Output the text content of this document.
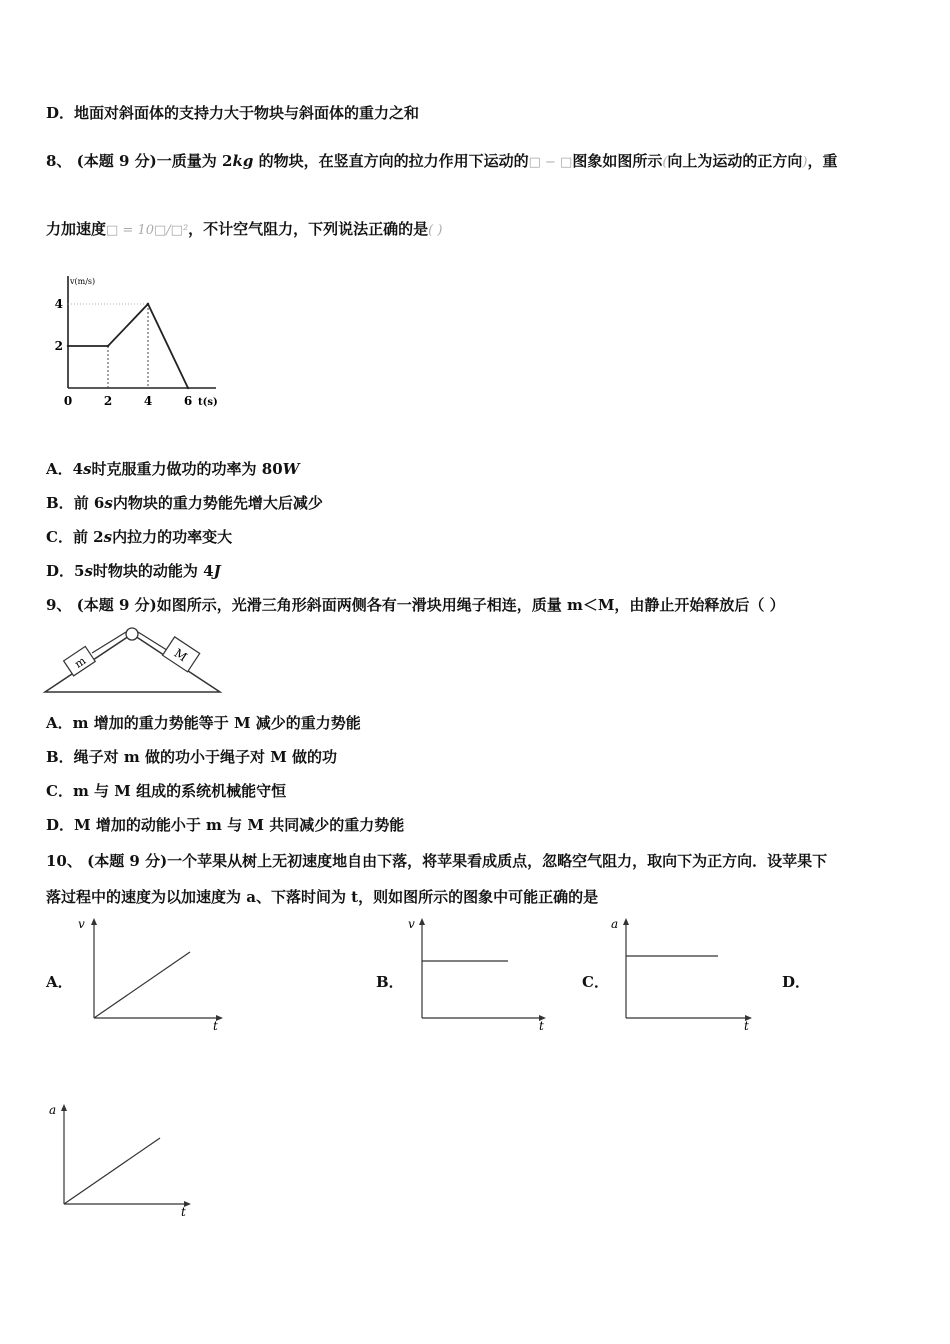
D．地面对斜面体的支持力大于物块与斜面体的重力之和
8、 (本题 9 分)一质量为 2kg 的物块，在竖直方向的拉力作用下运动的□ − □图象如图所示(向上为运动的正方向)，重
力加速度□ = 10□/□²，不计空气阻力，下列说法正确的是( )
v(m/s)
t(s)
0	2	4	6
4
2
A．4s时克服重力做功的功率为 80W
B．前 6s内物块的重力势能先增大后减少
C．前 2s内拉力的功率变大
D．5s时物块的动能为 4J
9、 (本题 9 分)如图所示，光滑三角形斜面两侧各有一滑块用绳子相连，质量 m＜M，由静止开始释放后（ ）
m	M
A．m 增加的重力势能等于 M 减少的重力势能
B．绳子对 m 做的功小于绳子对 M 做的功
C．m 与 M 组成的系统机械能守恒
D．M 增加的动能小于 m 与 M 共同减少的重力势能
10、 (本题 9 分)一个苹果从树上无初速度地自由下落，将苹果看成质点，忽略空气阻力，取向下为正方向．设苹果下
落过程中的速度为以加速度为 a、下落时间为 t，则如图所示的图象中可能正确的是
A．	B．	C．	D．
v
t
v
t
a
t
a
t
